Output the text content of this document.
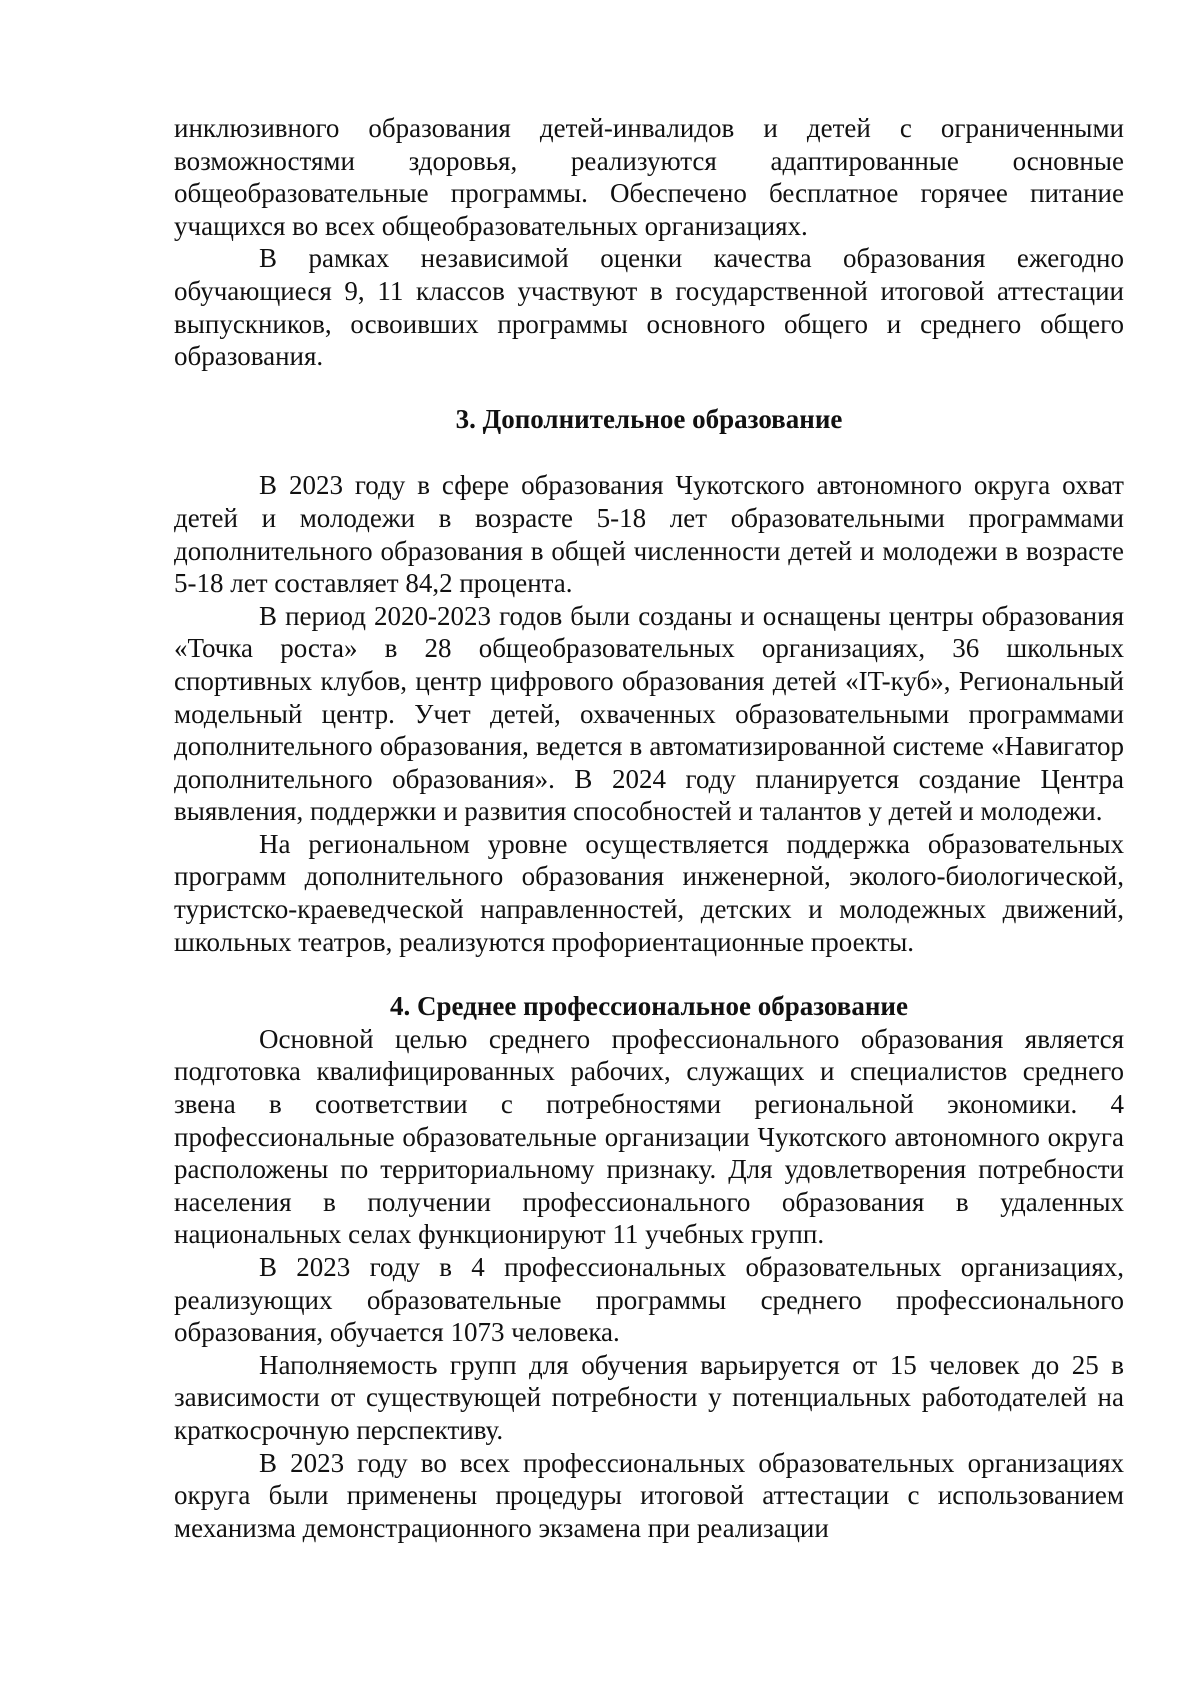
инклюзивного образования детей-инвалидов и детей с ограниченными возможностями здоровья, реализуются адаптированные основные общеобразовательные программы. Обеспечено бесплатное горячее питание учащихся во всех общеобразовательных организациях.

В рамках независимой оценки качества образования ежегодно обучающиеся 9, 11 классов участвуют в государственной итоговой аттестации выпускников, освоивших программы основного общего и среднего общего образования.

3. Дополнительное образование

В 2023 году в сфере образования Чукотского автономного округа охват детей и молодежи в возрасте 5-18 лет образовательными программами дополнительного образования в общей численности детей и молодежи в возрасте 5-18 лет составляет 84,2 процента.

В период 2020-2023 годов были созданы и оснащены центры образования «Точка роста» в 28 общеобразовательных организациях, 36 школьных спортивных клубов, центр цифрового образования детей «IT-куб», Региональный модельный центр. Учет детей, охваченных образовательными программами дополнительного образования, ведется в автоматизированной системе «Навигатор дополнительного образования». В 2024 году планируется создание Центра выявления, поддержки и развития способностей и талантов у детей и молодежи.

На региональном уровне осуществляется поддержка образовательных программ дополнительного образования инженерной, эколого-биологической, туристско-краеведческой направленностей, детских и молодежных движений, школьных театров, реализуются профориентационные проекты.

4. Среднее профессиональное образование

Основной целью среднего профессионального образования является подготовка квалифицированных рабочих, служащих и специалистов среднего звена в соответствии с потребностями региональной экономики. 4 профессиональные образовательные организации Чукотского автономного округа расположены по территориальному признаку. Для удовлетворения потребности населения в получении профессионального образования в удаленных национальных селах функционируют 11 учебных групп.

В 2023 году в 4 профессиональных образовательных организациях, реализующих образовательные программы среднего профессионального образования, обучается 1073 человека.

Наполняемость групп для обучения варьируется от 15 человек до 25 в зависимости от существующей потребности у потенциальных работодателей на краткосрочную перспективу.

В 2023 году во всех профессиональных образовательных организациях округа были применены процедуры итоговой аттестации с использованием механизма демонстрационного экзамена при реализации
